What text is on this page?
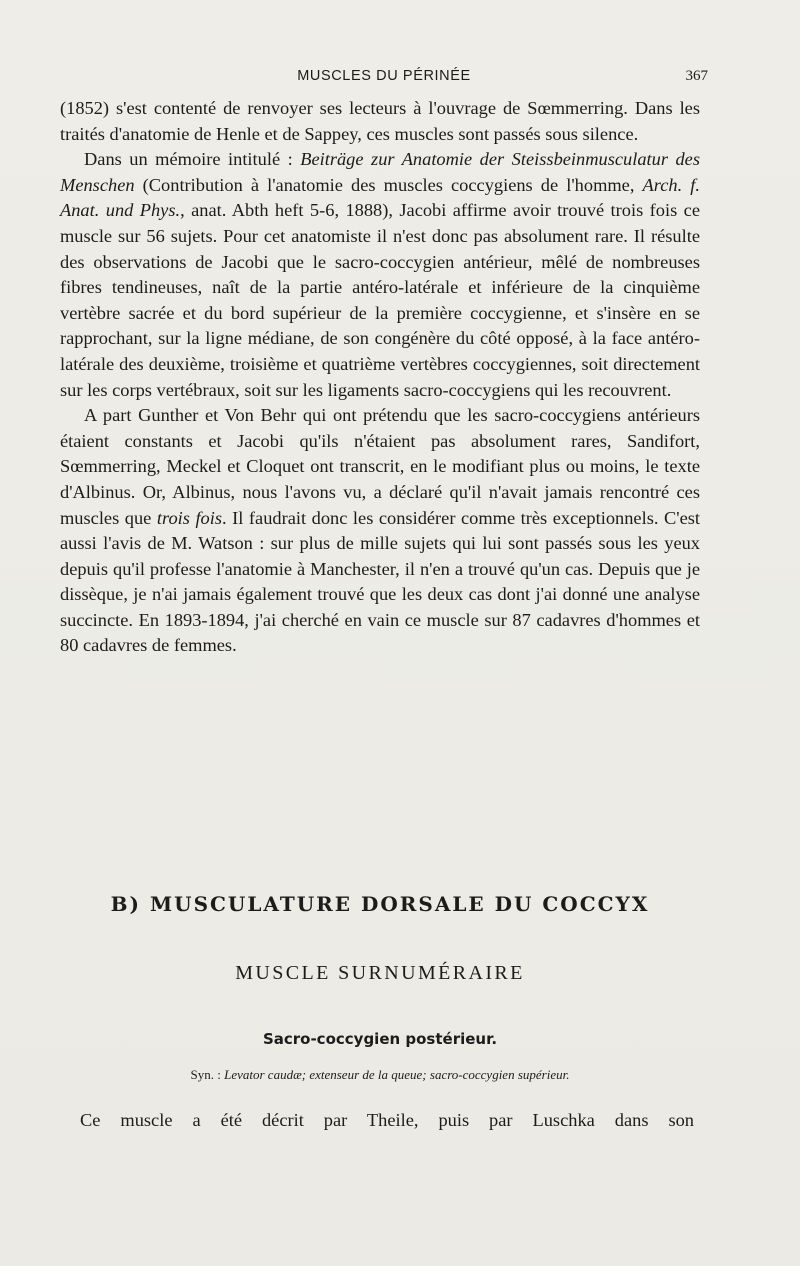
MUSCLES DU PÉRINÉE	367

(1852) s'est contenté de renvoyer ses lecteurs à l'ouvrage de Sœmmerring. Dans les traités d'anatomie de Henle et de Sappey, ces muscles sont passés sous silence.

Dans un mémoire intitulé : Beiträge zur Anatomie der Steissbeinmusculatur des Menschen (Contribution à l'anatomie des muscles coccygiens de l'homme, Arch. f. Anat. und Phys., anat. Abth heft 5-6, 1888), Jacobi affirme avoir trouvé trois fois ce muscle sur 56 sujets. Pour cet anatomiste il n'est donc pas absolument rare. Il résulte des observations de Jacobi que le sacro-coccygien antérieur, mêlé de nombreuses fibres tendineuses, naît de la partie antéro-latérale et inférieure de la cinquième vertèbre sacrée et du bord supérieur de la première coccygienne, et s'insère en se rapprochant, sur la ligne médiane, de son congénère du côté opposé, à la face antéro-latérale des deuxième, troisième et quatrième vertèbres coccygiennes, soit directement sur les corps vertébraux, soit sur les ligaments sacro-coccygiens qui les recouvrent.

A part Gunther et Von Behr qui ont prétendu que les sacro-coccygiens antérieurs étaient constants et Jacobi qu'ils n'étaient pas absolument rares, Sandifort, Sœmmerring, Meckel et Cloquet ont transcrit, en le modifiant plus ou moins, le texte d'Albinus. Or, Albinus, nous l'avons vu, a déclaré qu'il n'avait jamais rencontré ces muscles que trois fois. Il faudrait donc les considérer comme très exceptionnels. C'est aussi l'avis de M. Watson : sur plus de mille sujets qui lui sont passés sous les yeux depuis qu'il professe l'anatomie à Manchester, il n'en a trouvé qu'un cas. Depuis que je dissèque, je n'ai jamais également trouvé que les deux cas dont j'ai donné une analyse succincte. En 1893-1894, j'ai cherché en vain ce muscle sur 87 cadavres d'hommes et 80 cadavres de femmes.

B) MUSCULATURE DORSALE DU COCCYX
MUSCLE SURNUMÉRAIRE
Sacro-coccygien postérieur.
Syn. : Levator caudæ; extenseur de la queue; sacro-coccygien supérieur.
Ce muscle a été décrit par Theile, puis par Luschka dans son
